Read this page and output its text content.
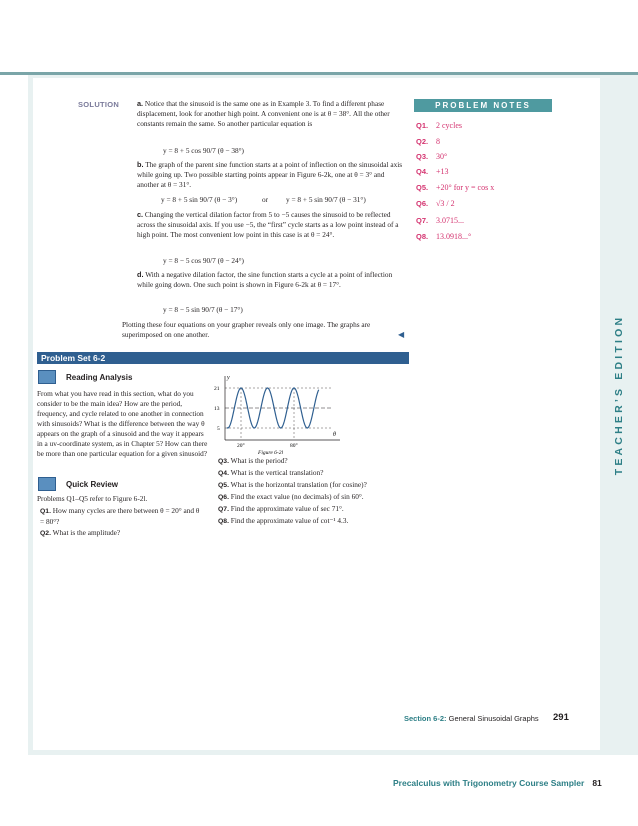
SOLUTION a. Notice that the sinusoid is the same one as in Example 3. To find a different phase displacement, look for another high point. A convenient one is at θ = 38°. All the other constants remain the same. So another particular equation is
y = 8 + 5 cos 90/7 (θ − 38°)
b. The graph of the parent sine function starts at a point of inflection on the sinusoidal axis while going up. Two possible starting points appear in Figure 6-2k, one at θ = 3° and another at θ = 31°.
y = 8 + 5 sin 90/7 (θ − 3°)	or y = 8 + 5 sin 90/7 (θ − 31°)
c. Changing the vertical dilation factor from 5 to −5 causes the sinusoid to be reflected across the sinusoidal axis. If you use −5, the “first” cycle starts as a low point instead of a high point. The most convenient low point in this case is at θ = 24°.
y = 8 − 5 cos 90/7 (θ − 24°)
d. With a negative dilation factor, the sine function starts a cycle at a point of inflection while going down. One such point is shown in Figure 6-2k at θ = 17°.
y = 8 − 5 sin 90/7 (θ − 17°)
Plotting these four equations on your grapher reveals only one image. The graphs are superimposed on one another.	◀
PROBLEM NOTES
Q1. 2 cycles
Q2. 8
Q3. 30°
Q4. +13
Q5. +20° for y = cos x
Q6. √3 / 2
Q7. 3.0715...
Q8. 13.0918...°
TEACHER’S EDITION
Problem Set 6-2
Reading Analysis
From what you have read in this section, what do you consider to be the main idea? How are the period, frequency, and cycle related to one another in connection with sinusoids? What is the difference between the way θ appears on the graph of a sinusoid and the way it appears in a uv-coordinate system, as in Chapter 5? How can there be more than one particular equation for a given sinusoid?
Quick Review
Problems Q1–Q5 refer to Figure 6-2l.
Q1. How many cycles are there between θ = 20° and θ = 80°?
Q2. What is the amplitude?
Q3. What is the period?
Q4. What is the vertical translation?
Q5. What is the horizontal translation (for cosine)?
Q6. Find the exact value (no decimals) of sin 60°.
Q7. Find the approximate value of sec 71°.
Q8. Find the approximate value of cot⁻¹ 4.3.
y
21
13
5
20°	80°
θ
Figure 6-2l
Section 6-2: General Sinusoidal Graphs 291
Precalculus with Trigonometry Course Sampler 81
